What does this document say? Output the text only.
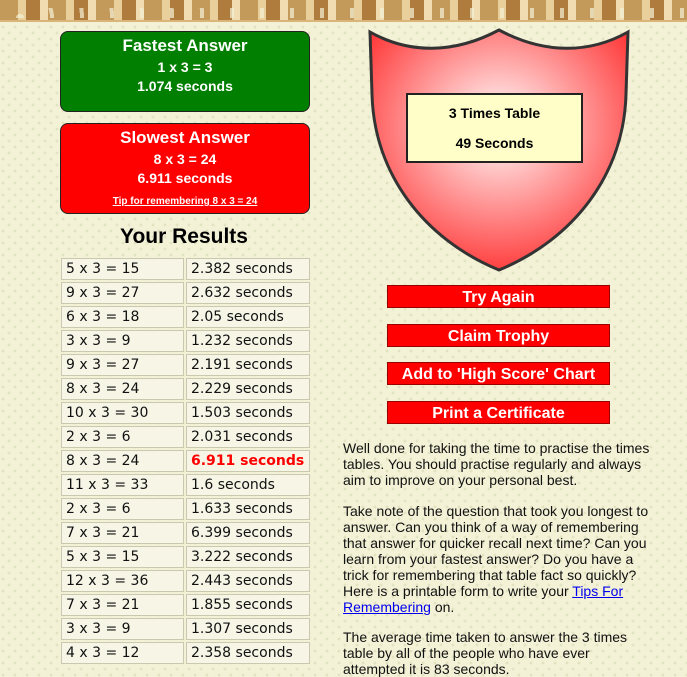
Fastest Answer
1 x 3 = 3
1.074 seconds
Slowest Answer
8 x 3 = 24
6.911 seconds
Tip for remembering 8 x 3 = 24
Your Results
5 x 3 = 15	2.382 seconds
9 x 3 = 27	2.632 seconds
6 x 3 = 18	2.05 seconds
3 x 3 = 9	1.232 seconds
9 x 3 = 27	2.191 seconds
8 x 3 = 24	2.229 seconds
10 x 3 = 30	1.503 seconds
2 x 3 = 6	2.031 seconds
8 x 3 = 24	6.911 seconds
11 x 3 = 33	1.6 seconds
2 x 3 = 6	1.633 seconds
7 x 3 = 21	6.399 seconds
5 x 3 = 15	3.222 seconds
12 x 3 = 36	2.443 seconds
7 x 3 = 21	1.855 seconds
3 x 3 = 9	1.307 seconds
4 x 3 = 12	2.358 seconds
3 Times Table
49 Seconds
Try Again
Claim Trophy
Add to 'High Score' Chart
Print a Certificate
Well done for taking the time to practise the times tables. You should practise regularly and always aim to improve on your personal best.
Take note of the question that took you longest to answer. Can you think of a way of remembering that answer for quicker recall next time? Can you learn from your fastest answer? Do you have a trick for remembering that table fact so quickly? Here is a printable form to write your Tips For Remembering on.
The average time taken to answer the 3 times table by all of the people who have ever attempted it is 83 seconds.
